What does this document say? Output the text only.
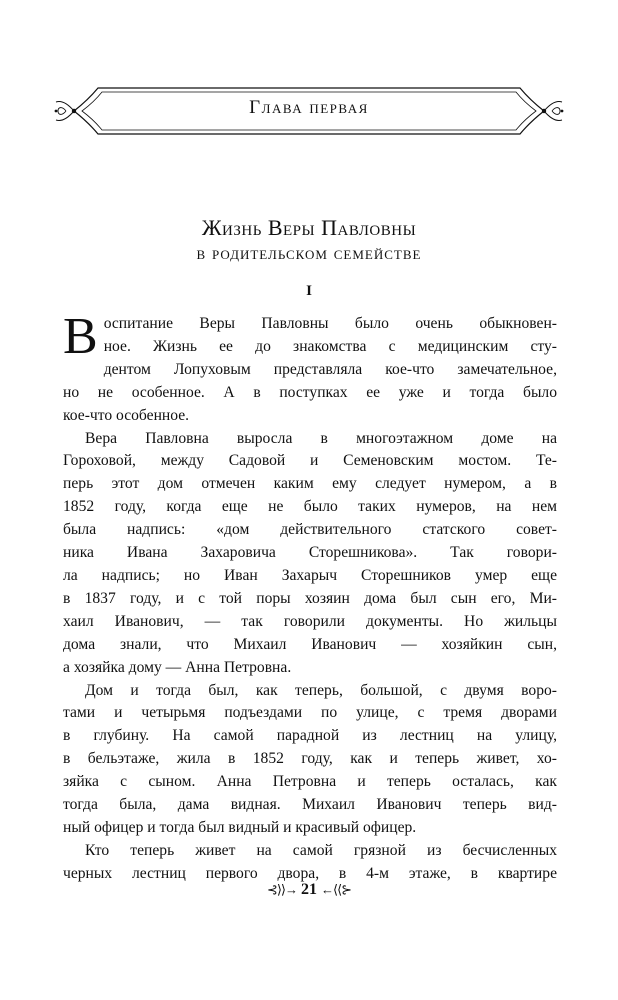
Глава первая
Жизнь Веры Павловны
в родительском семействе
I

Воспитание Веры Павловны было очень обыкновен-

ное. Жизнь ее до знакомства с медицинским сту-

дентом Лопуховым представляла кое-что замечательное,

но не особенное. А в поступках ее уже и тогда было

кое-что особенное.

Вера Павловна выросла в многоэтажном доме на

Гороховой, между Садовой и Семеновским мостом. Те-

перь этот дом отмечен каким ему следует нумером, а в

1852 году, когда еще не было таких нумеров, на нем

была надпись: «дом действительного статского совет-

ника Ивана Захаровича Сторешникова». Так говори-

ла надпись; но Иван Захарыч Сторешников умер еще

в 1837 году, и с той поры хозяин дома был сын его, Ми-

хаил Иванович, — так говорили документы. Но жильцы

дома знали, что Михаил Иванович — хозяйкин сын,

а хозяйка дому — Анна Петровна.

Дом и тогда был, как теперь, большой, с двумя воро-

тами и четырьмя подъездами по улице, с тремя дворами

в глубину. На самой парадной из лестниц на улицу,

в бельэтаже, жила в 1852 году, как и теперь живет, хо-

зяйка с сыном. Анна Петровна и теперь осталась, как

тогда была, дама видная. Михаил Иванович теперь вид-

ный офицер и тогда был видный и красивый офицер.

Кто теперь живет на самой грязной из бесчисленных

черных лестниц первого двора, в 4-м этаже, в квартире

⊰⟩⟩→ 21 ←⟨⟨⊱
